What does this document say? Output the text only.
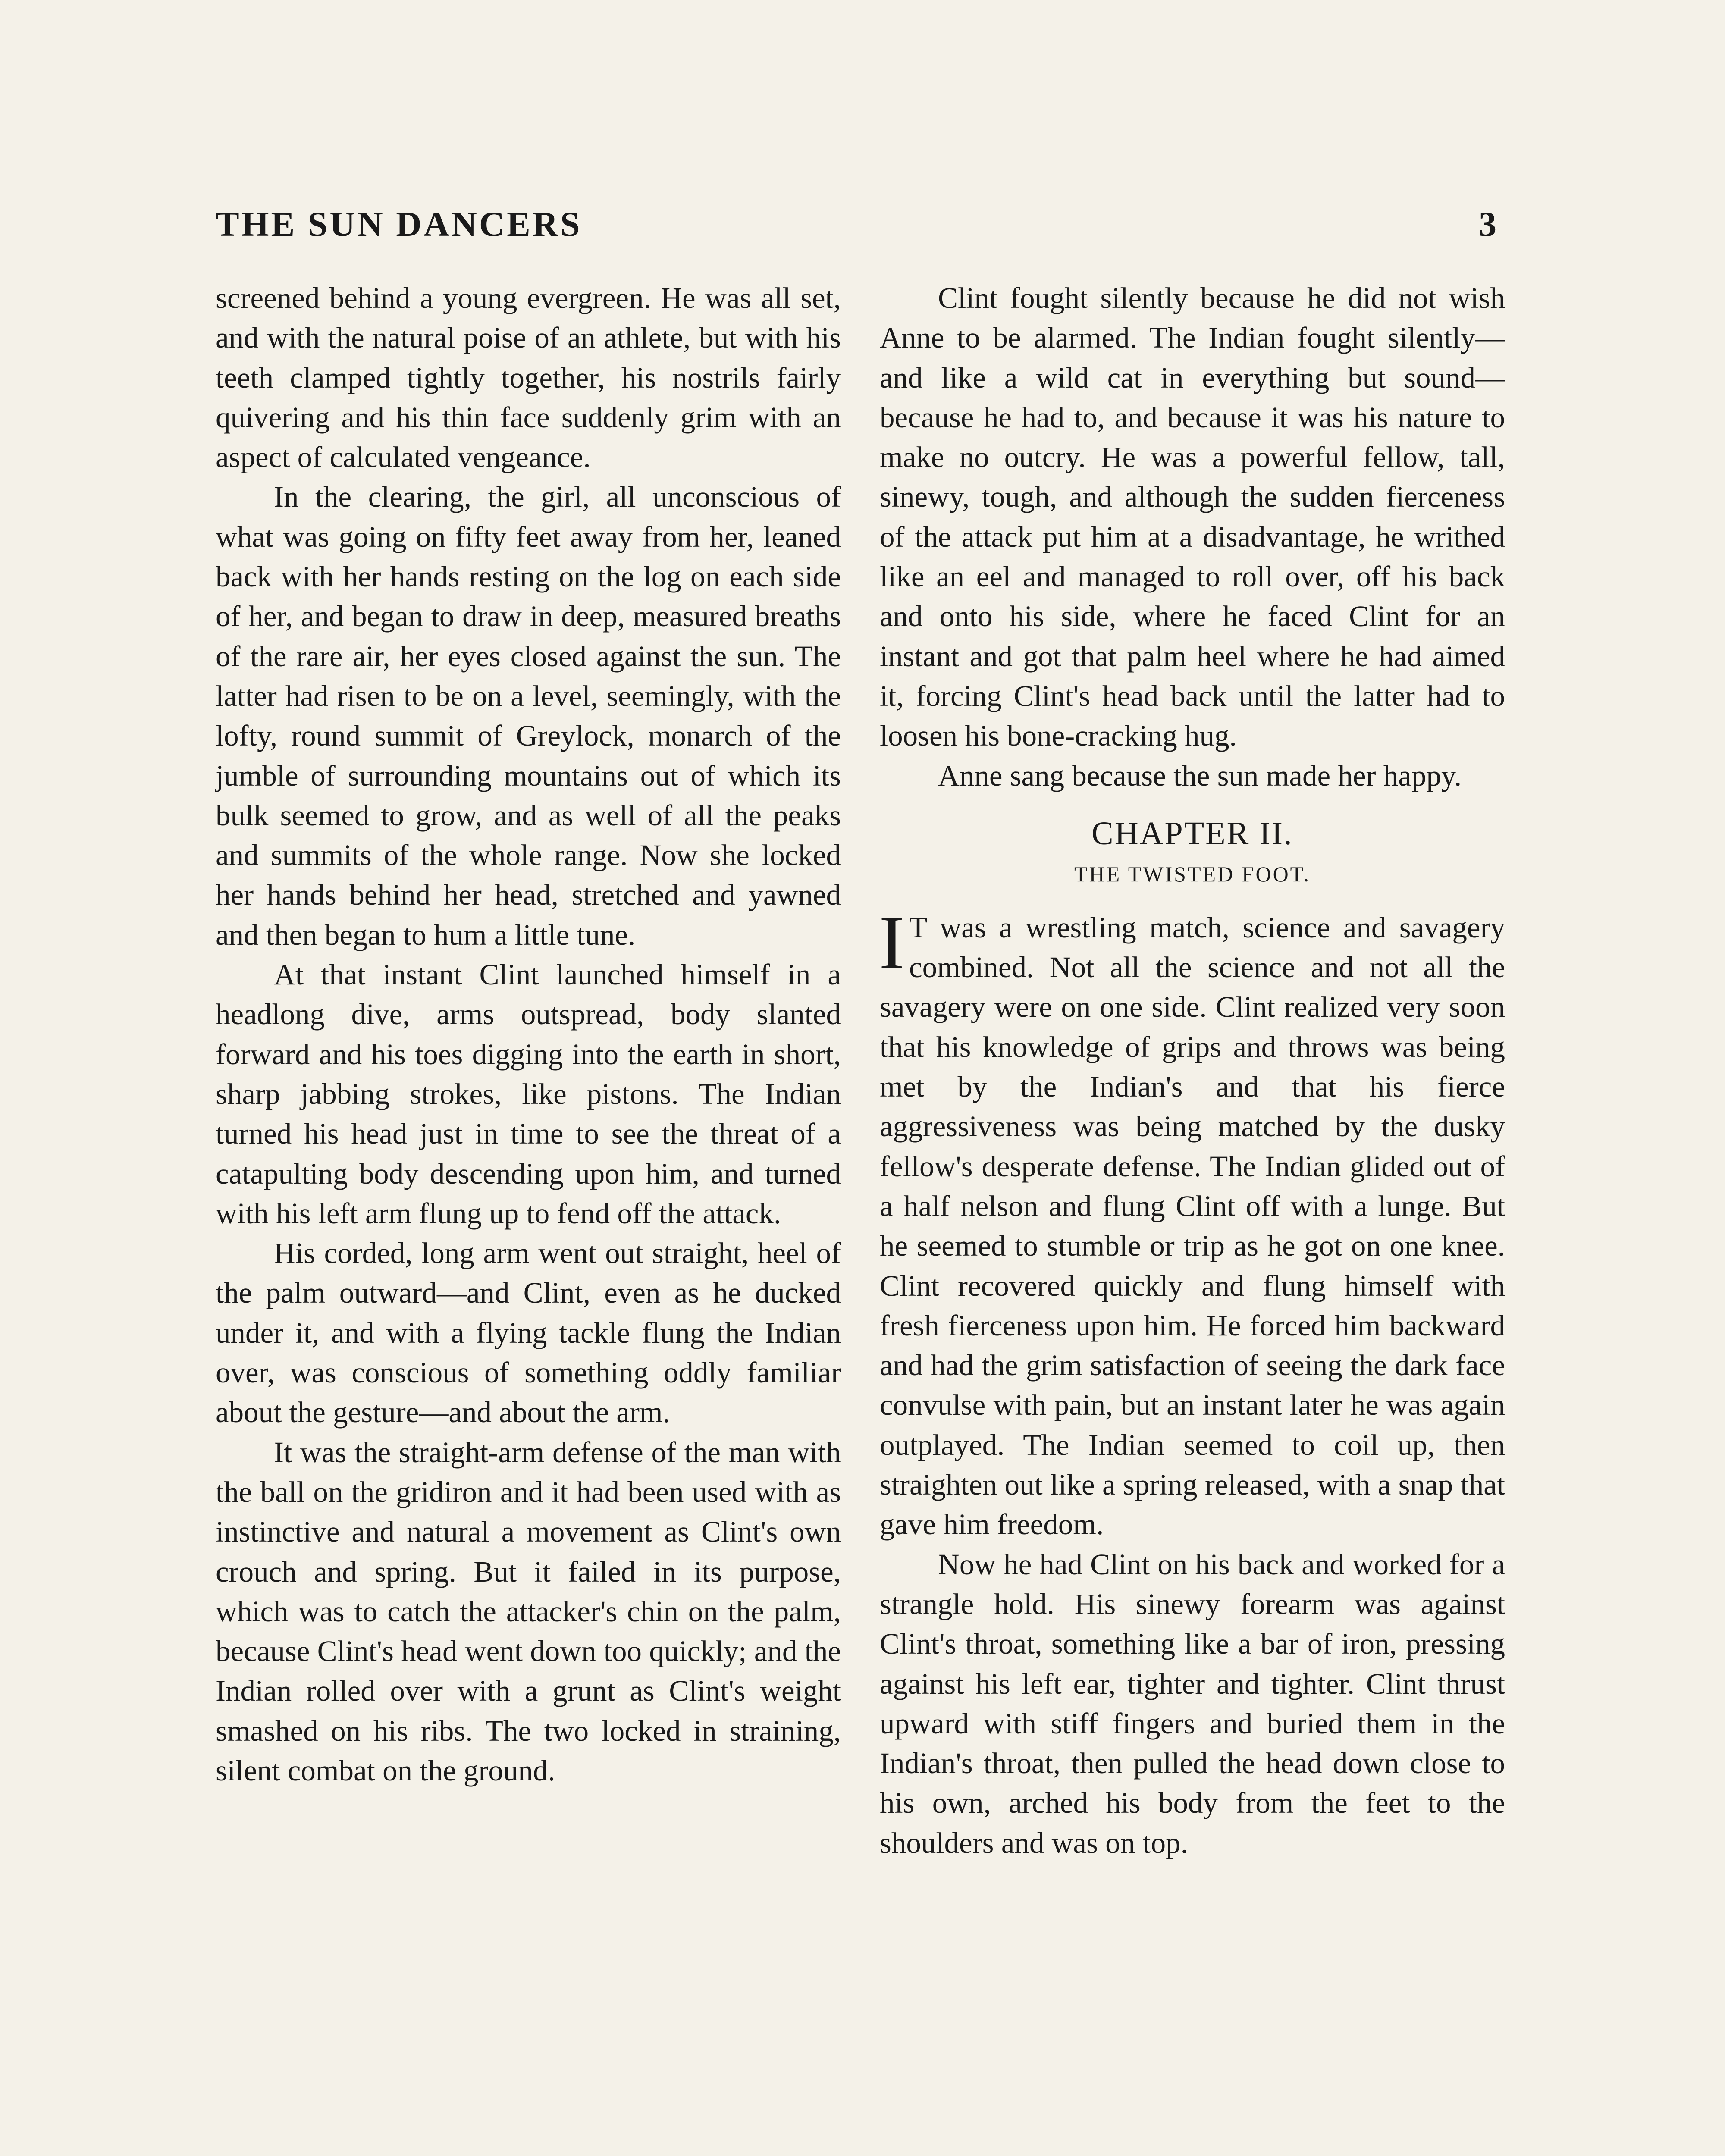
THE SUN DANCERS	3

screened behind a young evergreen. He was all set, and with the natural poise of an athlete, but with his teeth clamped tightly together, his nostrils fairly quivering and his thin face suddenly grim with an aspect of calculated vengeance.

In the clearing, the girl, all unconscious of what was going on fifty feet away from her, leaned back with her hands resting on the log on each side of her, and began to draw in deep, measured breaths of the rare air, her eyes closed against the sun. The latter had risen to be on a level, seemingly, with the lofty, round summit of Greylock, monarch of the jumble of surrounding mountains out of which its bulk seemed to grow, and as well of all the peaks and summits of the whole range. Now she locked her hands behind her head, stretched and yawned and then began to hum a little tune.

At that instant Clint launched himself in a headlong dive, arms outspread, body slanted forward and his toes digging into the earth in short, sharp jabbing strokes, like pistons. The Indian turned his head just in time to see the threat of a catapulting body descending upon him, and turned with his left arm flung up to fend off the attack.

His corded, long arm went out straight, heel of the palm outward—and Clint, even as he ducked under it, and with a flying tackle flung the Indian over, was conscious of something oddly familiar about the gesture—and about the arm.

It was the straight-arm defense of the man with the ball on the gridiron and it had been used with as instinctive and natural a movement as Clint's own crouch and spring. But it failed in its purpose, which was to catch the attacker's chin on the palm, because Clint's head went down too quickly; and the Indian rolled over with a grunt as Clint's weight smashed on his ribs. The two locked in straining, silent combat on the ground.

Clint fought silently because he did not wish Anne to be alarmed. The Indian fought silently—and like a wild cat in everything but sound—because he had to, and because it was his nature to make no outcry. He was a powerful fellow, tall, sinewy, tough, and although the sudden fierceness of the attack put him at a disadvantage, he writhed like an eel and managed to roll over, off his back and onto his side, where he faced Clint for an instant and got that palm heel where he had aimed it, forcing Clint's head back until the latter had to loosen his bone-cracking hug.

Anne sang because the sun made her happy.

CHAPTER II.

THE TWISTED FOOT.

I T was a wrestling match, science and savagery combined. Not all the science and not all the savagery were on one side. Clint realized very soon that his knowledge of grips and throws was being met by the Indian's and that his fierce aggressiveness was being matched by the dusky fellow's desperate defense. The Indian glided out of a half nelson and flung Clint off with a lunge. But he seemed to stumble or trip as he got on one knee. Clint recovered quickly and flung himself with fresh fierceness upon him. He forced him backward and had the grim satisfaction of seeing the dark face convulse with pain, but an instant later he was again outplayed. The Indian seemed to coil up, then straighten out like a spring released, with a snap that gave him freedom.

Now he had Clint on his back and worked for a strangle hold. His sinewy forearm was against Clint's throat, something like a bar of iron, pressing against his left ear, tighter and tighter. Clint thrust upward with stiff fingers and buried them in the Indian's throat, then pulled the head down close to his own, arched his body from the feet to the shoulders and was on top.
